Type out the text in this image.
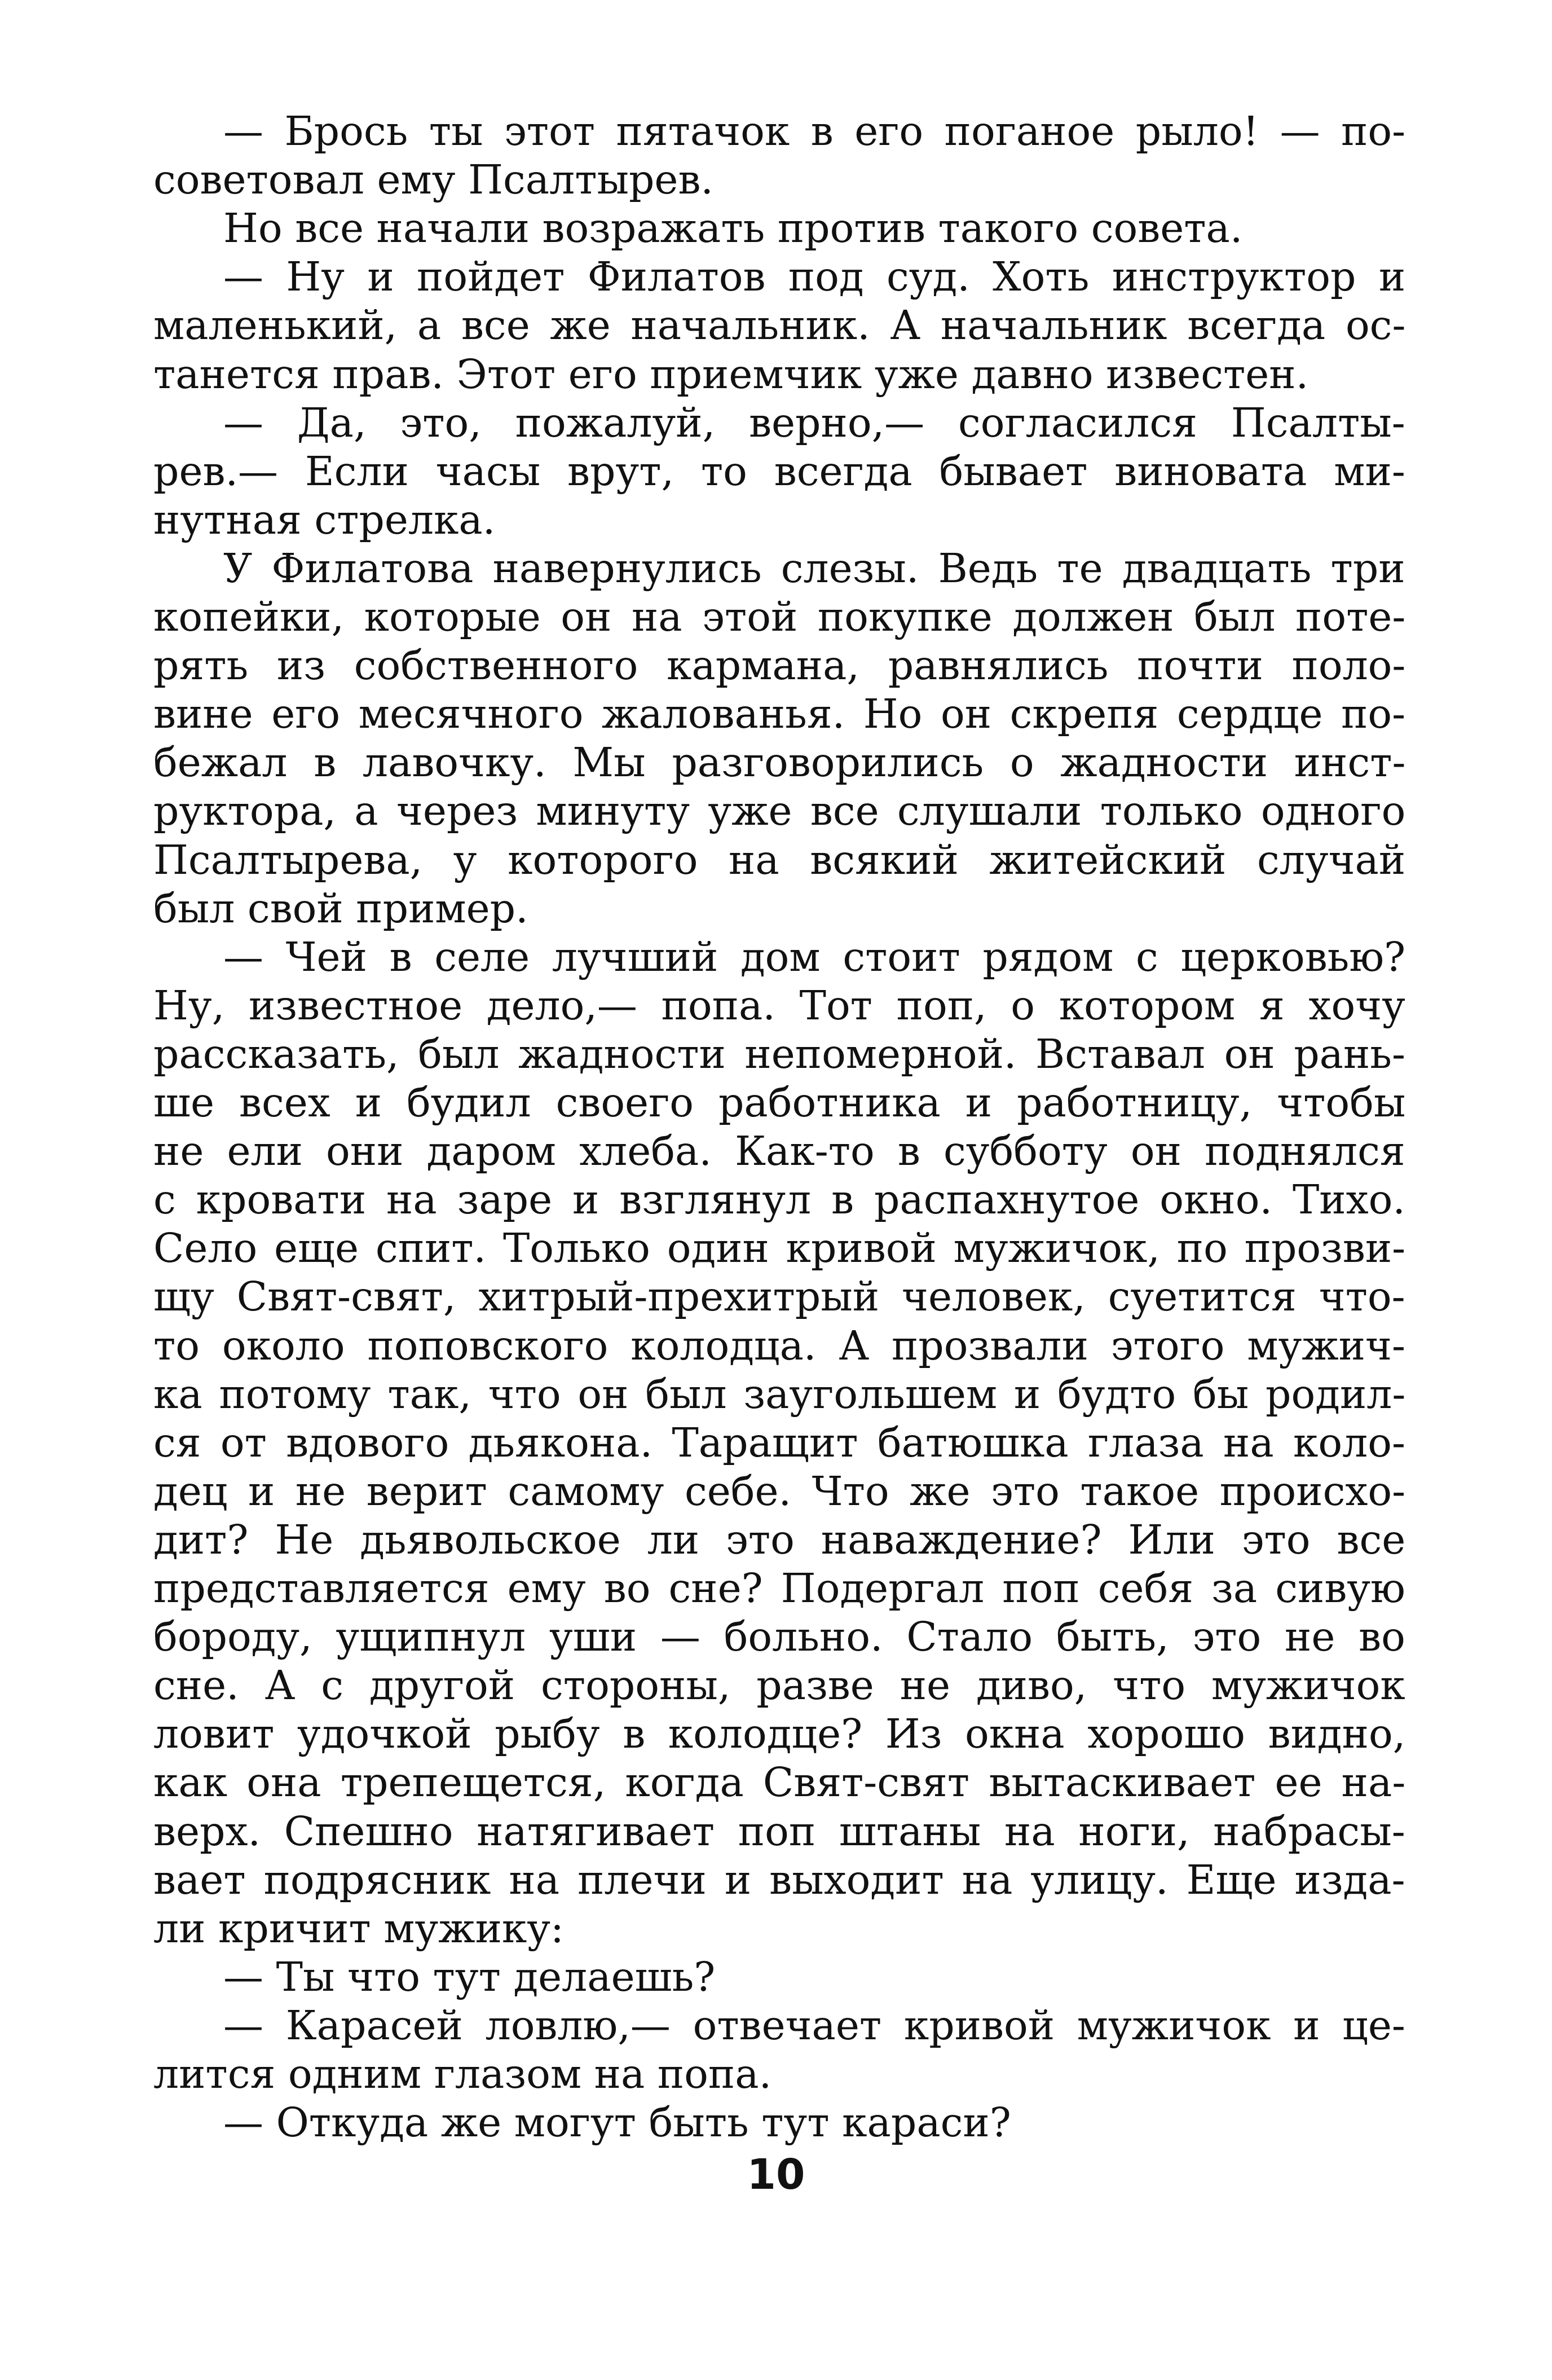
— Брось ты этот пятачок в его поганое рыло! — по-
советовал ему Псалтырев.
Но все начали возражать против такого совета.
— Ну и пойдет Филатов под суд. Хоть инструктор и
маленький, а все же начальник. А начальник всегда ос-
танется прав. Этот его приемчик уже давно известен.
— Да, это, пожалуй, верно,— согласился Псалты-
рев.— Если часы врут, то всегда бывает виновата ми-
нутная стрелка.
У Филатова навернулись слезы. Ведь те двадцать три
копейки, которые он на этой покупке должен был поте-
рять из собственного кармана, равнялись почти поло-
вине его месячного жалованья. Но он скрепя сердце по-
бежал в лавочку. Мы разговорились о жадности инст-
руктора, а через минуту уже все слушали только одного
Псалтырева, у которого на всякий житейский случай
был свой пример.
— Чей в селе лучший дом стоит рядом с церковью?
Ну, известное дело,— попа. Тот поп, о котором я хочу
рассказать, был жадности непомерной. Вставал он рань-
ше всех и будил своего работника и работницу, чтобы
не ели они даром хлеба. Как-то в субботу он поднялся
с кровати на заре и взглянул в распахнутое окно. Тихо.
Село еще спит. Только один кривой мужичок, по прозви-
щу Свят-свят, хитрый-прехитрый человек, суетится что-
то около поповского колодца. А прозвали этого мужич-
ка потому так, что он был заугольшем и будто бы родил-
ся от вдового дьякона. Таращит батюшка глаза на коло-
дец и не верит самому себе. Что же это такое происхо-
дит? Не дьявольское ли это наваждение? Или это все
представляется ему во сне? Подергал поп себя за сивую
бороду, ущипнул уши — больно. Стало быть, это не во
сне. А с другой стороны, разве не диво, что мужичок
ловит удочкой рыбу в колодце? Из окна хорошо видно,
как она трепещется, когда Свят-свят вытаскивает ее на-
верх. Спешно натягивает поп штаны на ноги, набрасы-
вает подрясник на плечи и выходит на улицу. Еще изда-
ли кричит мужику:
— Ты что тут делаешь?
— Карасей ловлю,— отвечает кривой мужичок и це-
лится одним глазом на попа.
— Откуда же могут быть тут караси?
10
